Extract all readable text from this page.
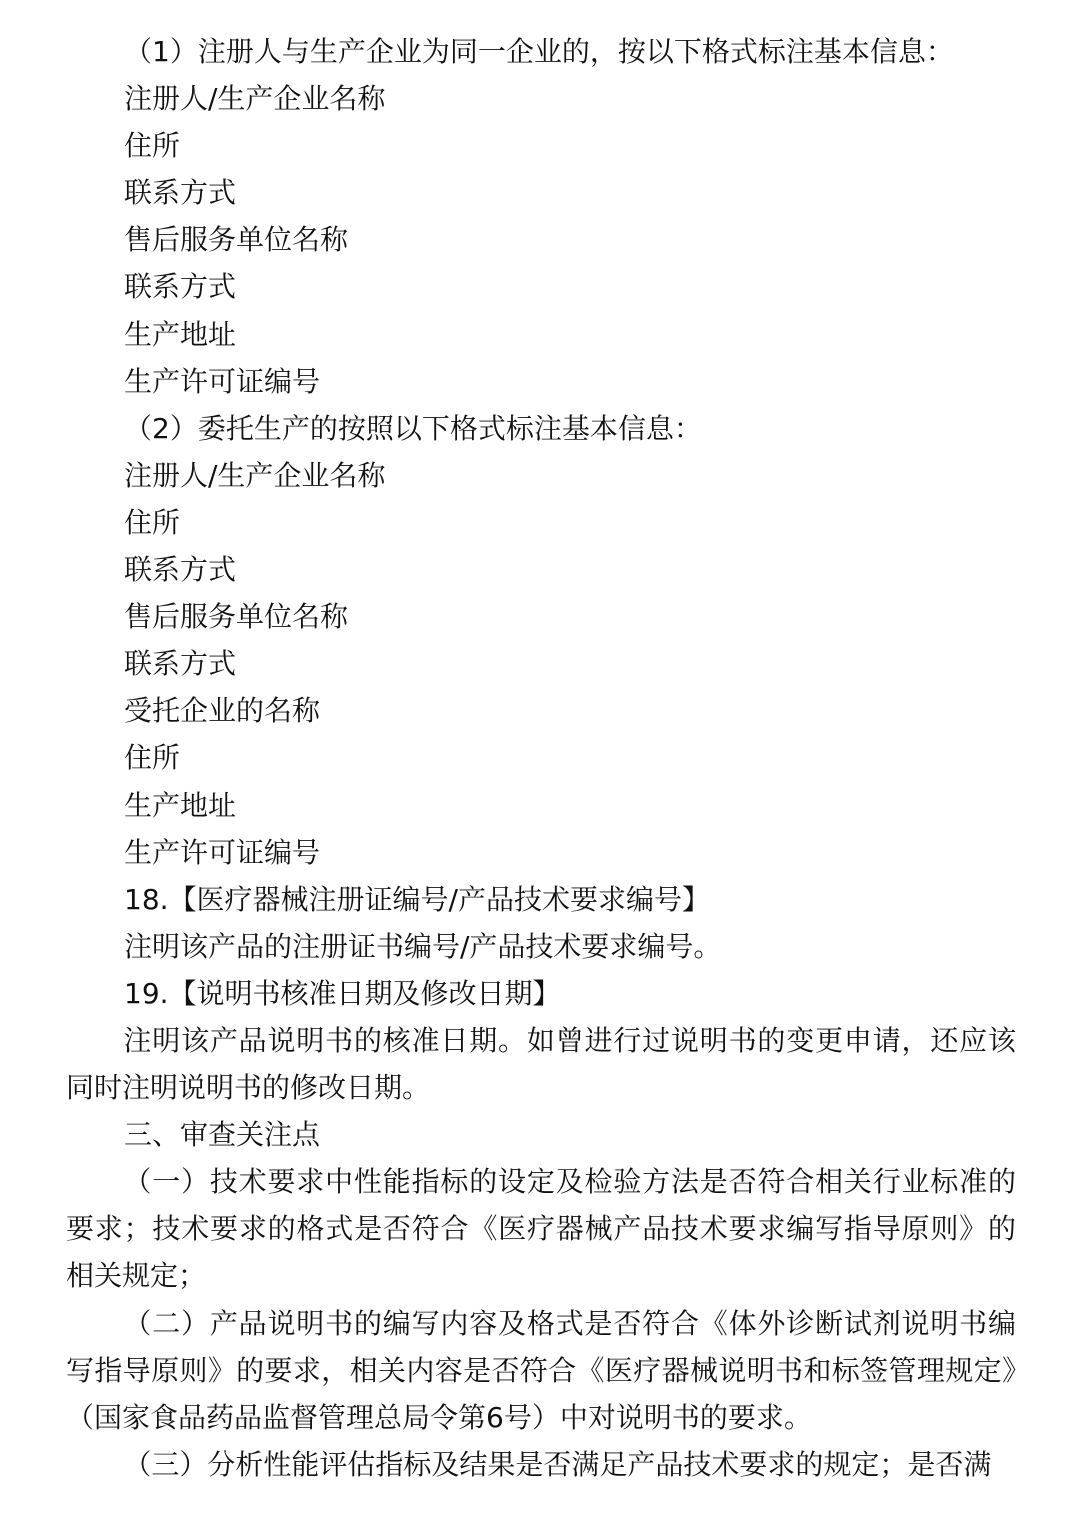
（1）注册人与生产企业为同一企业的，按以下格式标注基本信息：
注册人/生产企业名称
住所
联系方式
售后服务单位名称
联系方式
生产地址
生产许可证编号
（2）委托生产的按照以下格式标注基本信息：
注册人/生产企业名称
住所
联系方式
售后服务单位名称
联系方式
受托企业的名称
住所
生产地址
生产许可证编号
18.【医疗器械注册证编号/产品技术要求编号】
注明该产品的注册证书编号/产品技术要求编号。
19.【说明书核准日期及修改日期】

注明该产品说明书的核准日期。如曾进行过说明书的变更申请，还应该同时注明说明书的修改日期。

三、审查关注点

（一）技术要求中性能指标的设定及检验方法是否符合相关行业标准的要求；技术要求的格式是否符合《医疗器械产品技术要求编写指导原则》的相关规定；

（二）产品说明书的编写内容及格式是否符合《体外诊断试剂说明书编写指导原则》的要求，相关内容是否符合《医疗器械说明书和标签管理规定》（国家食品药品监督管理总局令第6号）中对说明书的要求。

（三）分析性能评估指标及结果是否满足产品技术要求的规定；是否满
